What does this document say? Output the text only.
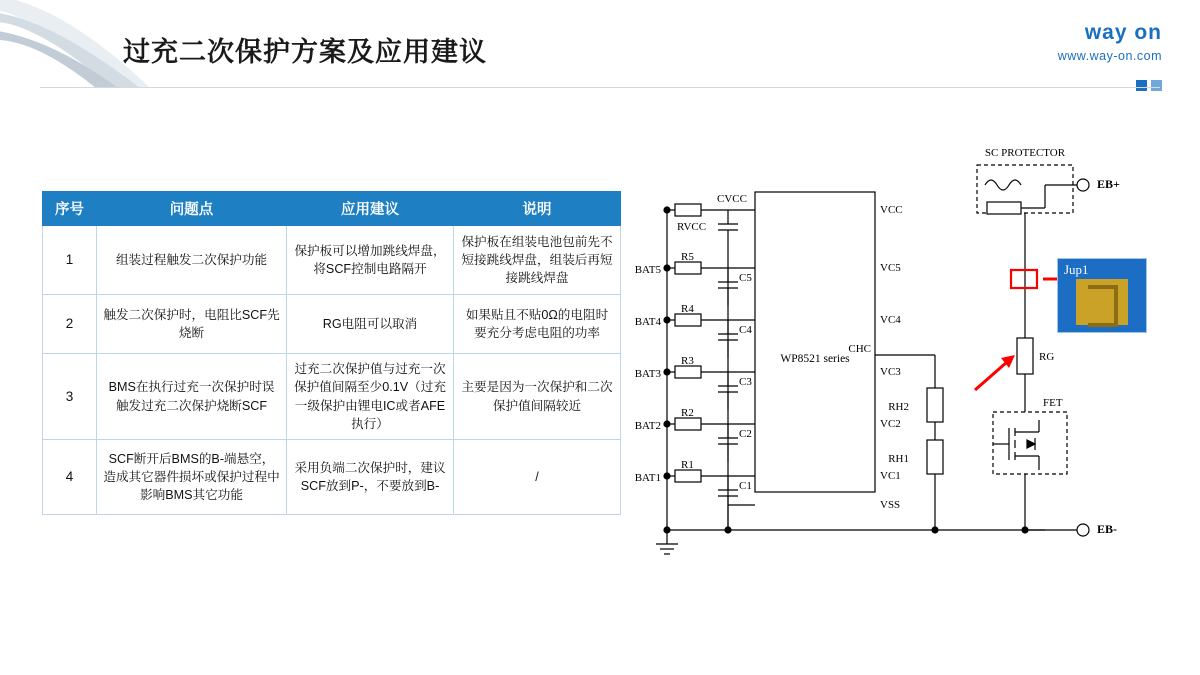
过充二次保护方案及应用建议
way on
www.way-on.com
序号	问题点	应用建议	说明
1	组装过程触发二次保护功能	保护板可以增加跳线焊盘，将SCF控制电路隔开	保护板在组装电池包前先不短接跳线焊盘，组装后再短接跳线焊盘
2	触发二次保护时，电阻比SCF先烧断	RG电阻可以取消	如果贴且不贴0Ω的电阻时要充分考虑电阻的功率
3	BMS在执行过充一次保护时误触发过充二次保护烧断SCF	过充二次保护值与过充一次保护值间隔至少0.1V（过充一级保护由锂电IC或者AFE执行）	主要是因为一次保护和二次保护值间隔较近
4	SCF断开后BMS的B-端悬空，造成其它器件损坏或保护过程中影响BMS其它功能	采用负端二次保护时，建议SCF放到P-，不要放到B-	/
SC PROTECTOR
VCC
VC5
VC4
VC3
VC2
VC1
VSS
CHC
WP8521 series
BAT5
BAT4
BAT3
BAT2
BAT1
RVCC
R5
R4
R3
R2
R1
CVCC
C5
C4
C3
C2
C1
RG
RH2
RH1
FET
EB+
EB-
Jup1
